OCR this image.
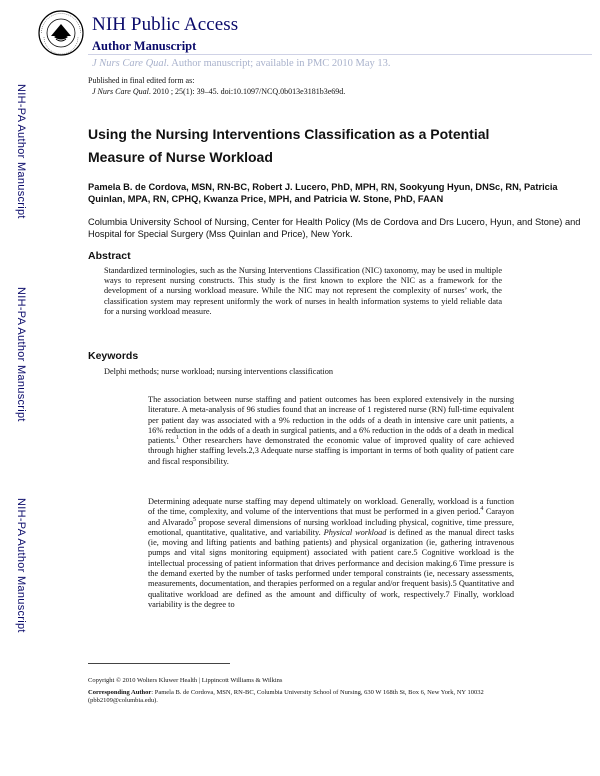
NIH Public Access
Author Manuscript
J Nurs Care Qual. Author manuscript; available in PMC 2010 May 13.
NIH-PA Author Manuscript
NIH-PA Author Manuscript
NIH-PA Author Manuscript
Published in final edited form as:
J Nurs Care Qual. 2010 ; 25(1): 39–45. doi:10.1097/NCQ.0b013e3181b3e69d.
Using the Nursing Interventions Classification as a Potential Measure of Nurse Workload
Pamela B. de Cordova, MSN, RN-BC, Robert J. Lucero, PhD, MPH, RN, Sookyung Hyun, DNSc, RN, Patricia Quinlan, MPA, RN, CPHQ, Kwanza Price, MPH, and Patricia W. Stone, PhD, FAAN
Columbia University School of Nursing, Center for Health Policy (Ms de Cordova and Drs Lucero, Hyun, and Stone) and Hospital for Special Surgery (Mss Quinlan and Price), New York.
Abstract
Standardized terminologies, such as the Nursing Interventions Classification (NIC) taxonomy, may be used in multiple ways to represent nursing constructs. This study is the first known to explore the NIC as a framework for the development of a nursing workload measure. While the NIC may not represent the complexity of nurses’ work, the classification system may represent uniformly the work of nurses in health information systems to yield reliable data for a nursing workload measure.
Keywords
Delphi methods; nurse workload; nursing interventions classification
The association between nurse staffing and patient outcomes has been explored extensively in the nursing literature. A meta-analysis of 96 studies found that an increase of 1 registered nurse (RN) full-time equivalent per patient day was associated with a 9% reduction in the odds of a death in intensive care unit patients, a 16% reduction in the odds of a death in surgical patients, and a 6% reduction in the odds of a death in medical patients.$^1$ Other researchers have demonstrated the economic value of improved quality of care achieved through higher staffing levels.2,3 Adequate nurse staffing is important in terms of both quality of patient care and fiscal responsibility.
Determining adequate nurse staffing may depend ultimately on workload. Generally, workload is a function of the time, complexity, and volume of the interventions that must be performed in a given period.$^4$ Carayon and Alvarado$^5$ propose several dimensions of nursing workload including physical, cognitive, time pressure, emotional, quantitative, qualitative, and variability. Physical workload is defined as the manual direct tasks (ie, moving and lifting patients and bathing patients) and physical organization (ie, gathering intravenous pumps and vital signs monitoring equipment) associated with patient care.5 Cognitive workload is the intellectual processing of patient information that drives performance and decision making.6 Time pressure is the demand exerted by the number of tasks performed under temporal constraints (ie, necessary assessments, measurements, documentation, and therapies performed on a regular and/or frequent basis).5 Quantitative and qualitative workload are defined as the amount and difficulty of work, respectively.7 Finally, workload variability is the degree to
Copyright © 2010 Wolters Kluwer Health | Lippincott Williams & Wilkins
Corresponding Author: Pamela B. de Cordova, MSN, RN-BC, Columbia University School of Nursing, 630 W 168th St, Box 6, New York, NY 10032 (pbb2109@columbia.edu).
